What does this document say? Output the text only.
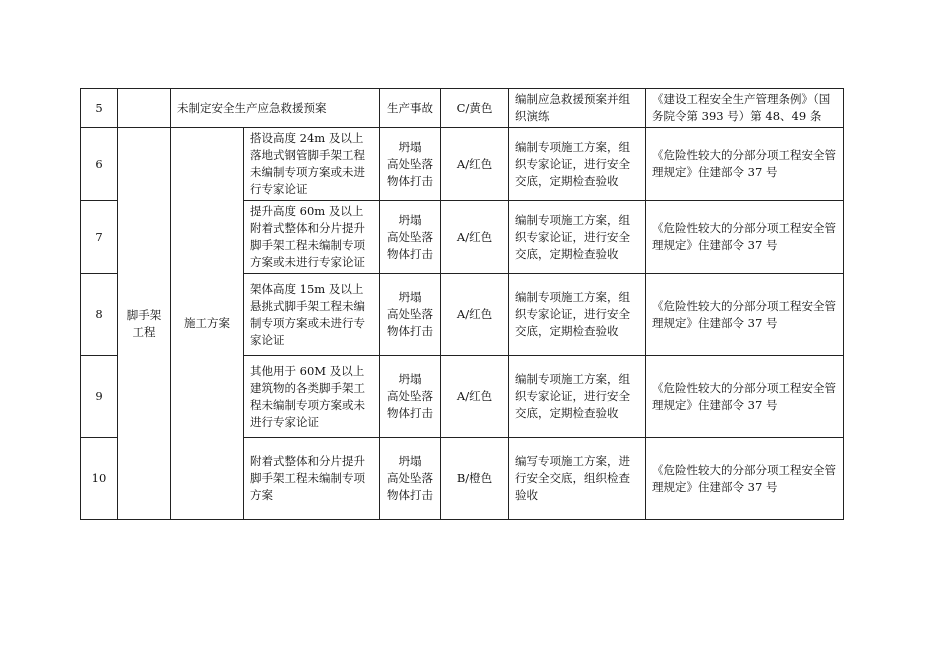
5		未制定安全生产应急救援预案		生产事故	C/黄色	编制应急救援预案并组织演练	《建设工程安全生产管理条例》（国务院令第 393 号）第 48、49 条
6	脚手架
工程	施工方案	搭设高度 24m 及以上落地式钢管脚手架工程未编制专项方案或未进行专家论证	坍塌
高处坠落
物体打击	A/红色	编制专项施工方案，组织专家论证，进行安全交底，定期检查验收	《危险性较大的分部分项工程安全管理规定》住建部令 37 号
7			提升高度 60m 及以上附着式整体和分片提升脚手架工程未编制专项方案或未进行专家论证	坍塌
高处坠落
物体打击	A/红色	编制专项施工方案，组织专家论证，进行安全交底，定期检查验收	《危险性较大的分部分项工程安全管理规定》住建部令 37 号
8			架体高度 15m 及以上悬挑式脚手架工程未编制专项方案或未进行专家论证	坍塌
高处坠落
物体打击	A/红色	编制专项施工方案，组织专家论证，进行安全交底，定期检查验收	《危险性较大的分部分项工程安全管理规定》住建部令 37 号
9			其他用于 60M 及以上建筑物的各类脚手架工程未编制专项方案或未进行专家论证	坍塌
高处坠落
物体打击	A/红色	编制专项施工方案，组织专家论证，进行安全交底，定期检查验收	《危险性较大的分部分项工程安全管理规定》住建部令 37 号
10			附着式整体和分片提升脚手架工程未编制专项方案	坍塌
高处坠落
物体打击	B/橙色	编写专项施工方案，进行安全交底，组织检查验收	《危险性较大的分部分项工程安全管理规定》住建部令 37 号
